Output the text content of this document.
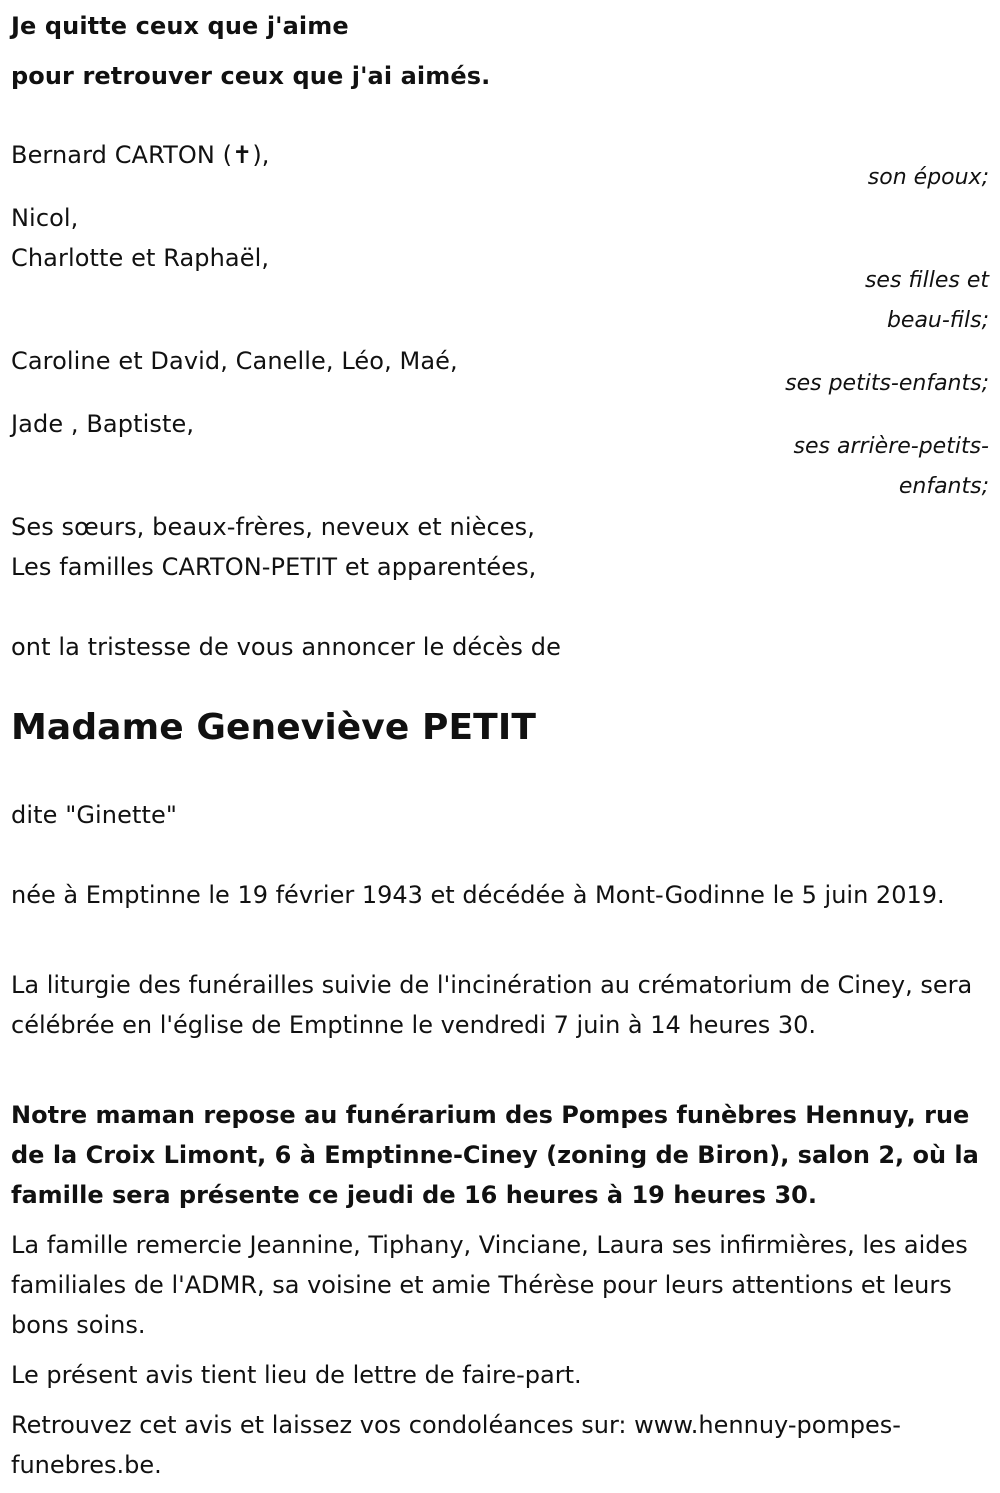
Je quitte ceux que j'aime
pour retrouver ceux que j'ai aimés.
Bernard CARTON (✝),
son époux;
Nicol,
Charlotte et Raphaël,
ses filles et
beau-fils;
Caroline et David, Canelle, Léo, Maé,
ses petits-enfants;
Jade , Baptiste,
ses arrière-petits-
enfants;
Ses sœurs, beaux-frères, neveux et nièces,
Les familles CARTON-PETIT et apparentées,
ont la tristesse de vous annoncer le décès de
Madame Geneviève PETIT
dite "Ginette"
née à Emptinne le 19 février 1943 et décédée à Mont-Godinne le 5 juin 2019.
La liturgie des funérailles suivie de l'incinération au crématorium de Ciney, sera célébrée en l'église de Emptinne le vendredi 7 juin à 14 heures 30.
Notre maman repose au funérarium des Pompes funèbres Hennuy, rue de la Croix Limont, 6 à Emptinne-Ciney (zoning de Biron), salon 2, où la famille sera présente ce jeudi de 16 heures à 19 heures 30.
La famille remercie Jeannine, Tiphany, Vinciane, Laura ses infirmières, les aides familiales de l'ADMR, sa voisine et amie Thérèse pour leurs attentions et leurs bons soins.
Le présent avis tient lieu de lettre de faire-part.
Retrouvez cet avis et laissez vos condoléances sur: www.hennuy-pompes-funebres.be.
